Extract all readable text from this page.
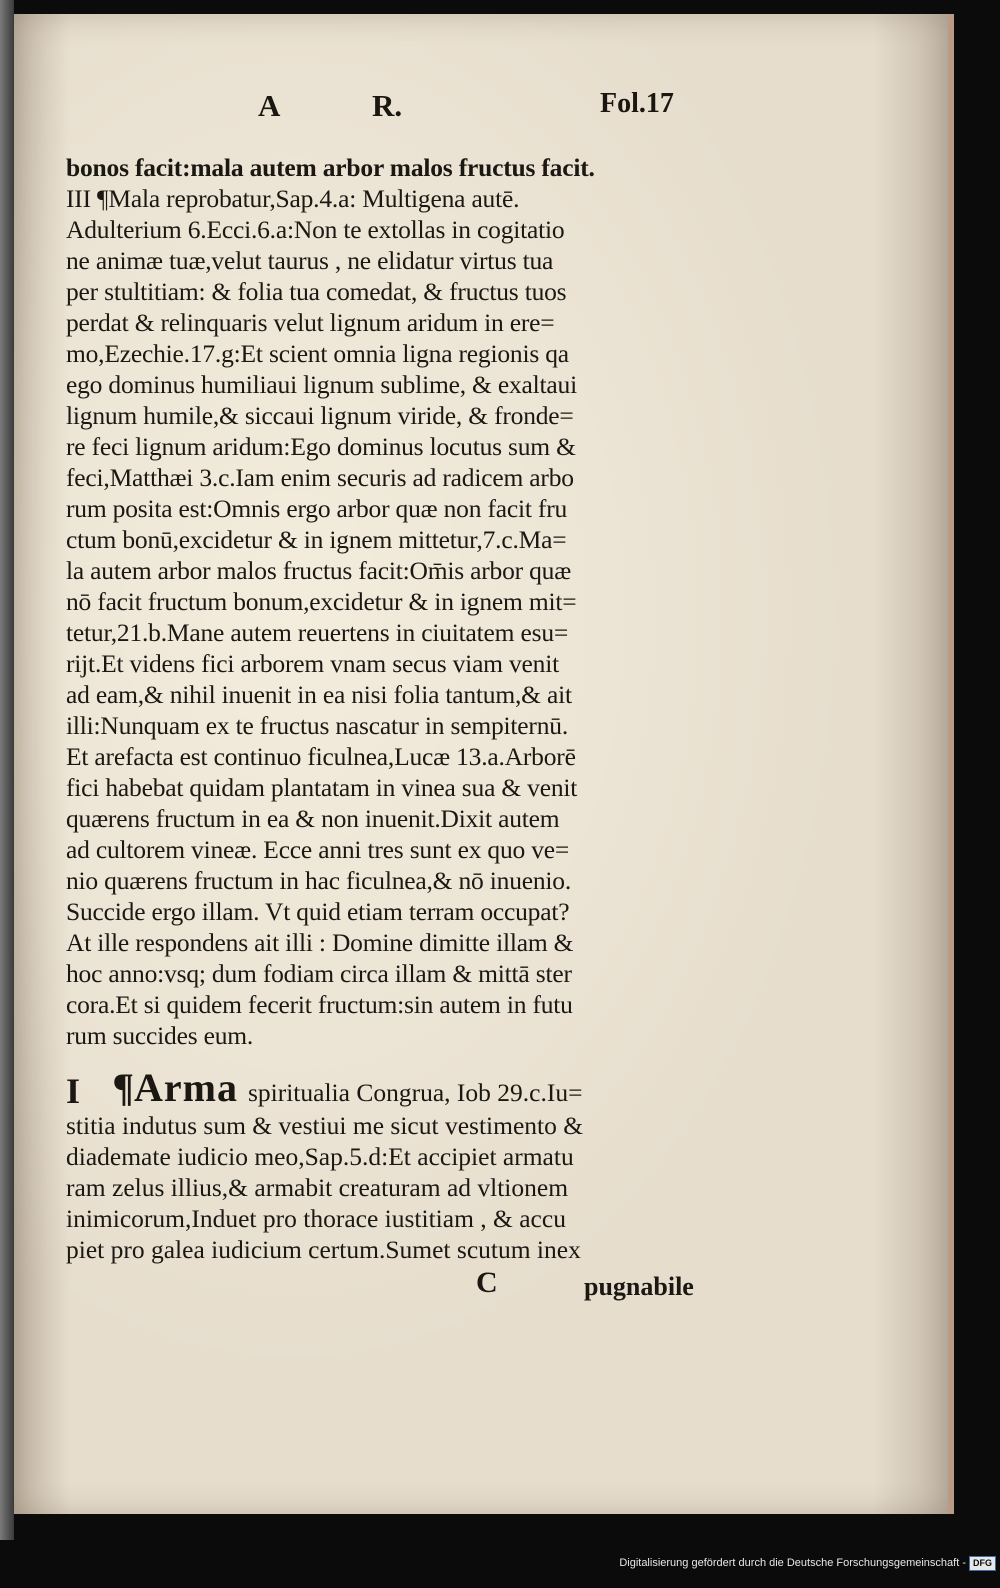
A	R.	Fol.17
bonos facit:mala autem arbor malos fructus facit.
III ¶Mala reprobatur,Sap.4.a: Multigena autē.
Adulterium 6.Ecci.6.a:Non te extollas in cogitatio
ne animæ tuæ,velut taurus , ne elidatur virtus tua
per stultitiam: & folia tua comedat, & fructus tuos
perdat & relinquaris velut lignum aridum in ere=
mo,Ezechie.17.g:Et scient omnia ligna regionis qa
ego dominus humiliaui lignum sublime, & exaltaui
lignum humile,& siccaui lignum viride, & fronde=
re feci lignum aridum:Ego dominus locutus sum &
feci,Matthæi 3.c.Iam enim securis ad radicem arbo
rum posita est:Omnis ergo arbor quæ non facit fru
ctum bonū,excidetur & in ignem mittetur,7.c.Ma=
la autem arbor malos fructus facit:Om̄is arbor quæ
nō facit fructum bonum,excidetur & in ignem mit=
tetur,21.b.Mane autem reuertens in ciuitatem esu=
rijt.Et videns fici arborem vnam secus viam venit
ad eam,& nihil inuenit in ea nisi folia tantum,& ait
illi:Nunquam ex te fructus nascatur in sempiternū.
Et arefacta est continuo ficulnea,Lucæ 13.a.Arborē
fici habebat quidam plantatam in vinea sua & venit
quærens fructum in ea & non inuenit.Dixit autem
ad cultorem vineæ. Ecce anni tres sunt ex quo ve=
nio quærens fructum in hac ficulnea,& nō inuenio.
Succide ergo illam. Vt quid etiam terram occupat?
At ille respondens ait illi : Domine dimitte illam &
hoc anno:vsq; dum fodiam circa illam & mittā ster
cora.Et si quidem fecerit fructum:sin autem in futu
rum succides eum.
I ¶Arma spiritualia Congrua, Iob 29.c.Iu=
stitia indutus sum & vestiui me sicut vestimento &
diademate iudicio meo,Sap.5.d:Et accipiet armatu
ram zelus illius,& armabit creaturam ad vltionem
inimicorum,Induet pro thorace iustitiam , & accu
piet pro galea iudicium certum.Sumet scutum inex
C	pugnabile
Digitalisierung gefördert durch die Deutsche Forschungsgemeinschaft - DFG
